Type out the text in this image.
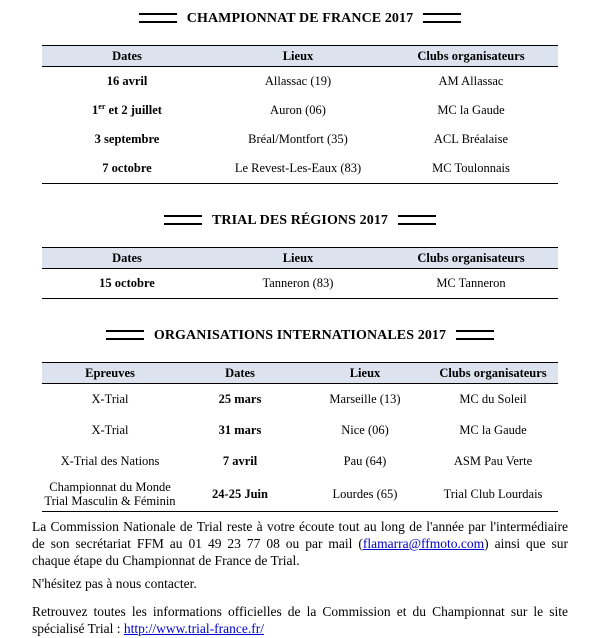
CHAMPIONNAT DE FRANCE 2017
Dates	Lieux	Clubs organisateurs
16 avril	Allassac (19)	AM Allassac
1er et 2 juillet	Auron (06)	MC la Gaude
3 septembre	Bréal/Montfort (35)	ACL Bréalaise
7 octobre	Le Revest-Les-Eaux (83)	MC Toulonnais
TRIAL DES RÉGIONS 2017
Dates	Lieux	Clubs organisateurs
15 octobre	Tanneron (83)	MC Tanneron
ORGANISATIONS INTERNATIONALES 2017
Epreuves	Dates	Lieux	Clubs organisateurs
X-Trial	25 mars	Marseille (13)	MC du Soleil
X-Trial	31 mars	Nice (06)	MC la Gaude
X-Trial des Nations	7 avril	Pau (64)	ASM Pau Verte
Championnat du Monde
Trial Masculin & Féminin	24-25 Juin	Lourdes (65)	Trial Club Lourdais
La Commission Nationale de Trial reste à votre écoute tout au long de l'année par l'intermédiaire de son secrétariat FFM au 01 49 23 77 08 ou par mail (flamarra@ffmoto.com) ainsi que sur chaque étape du Championnat de France de Trial.
N'hésitez pas à nous contacter.
Retrouvez toutes les informations officielles de la Commission et du Championnat sur le site spécialisé Trial : http://www.trial-france.fr/
